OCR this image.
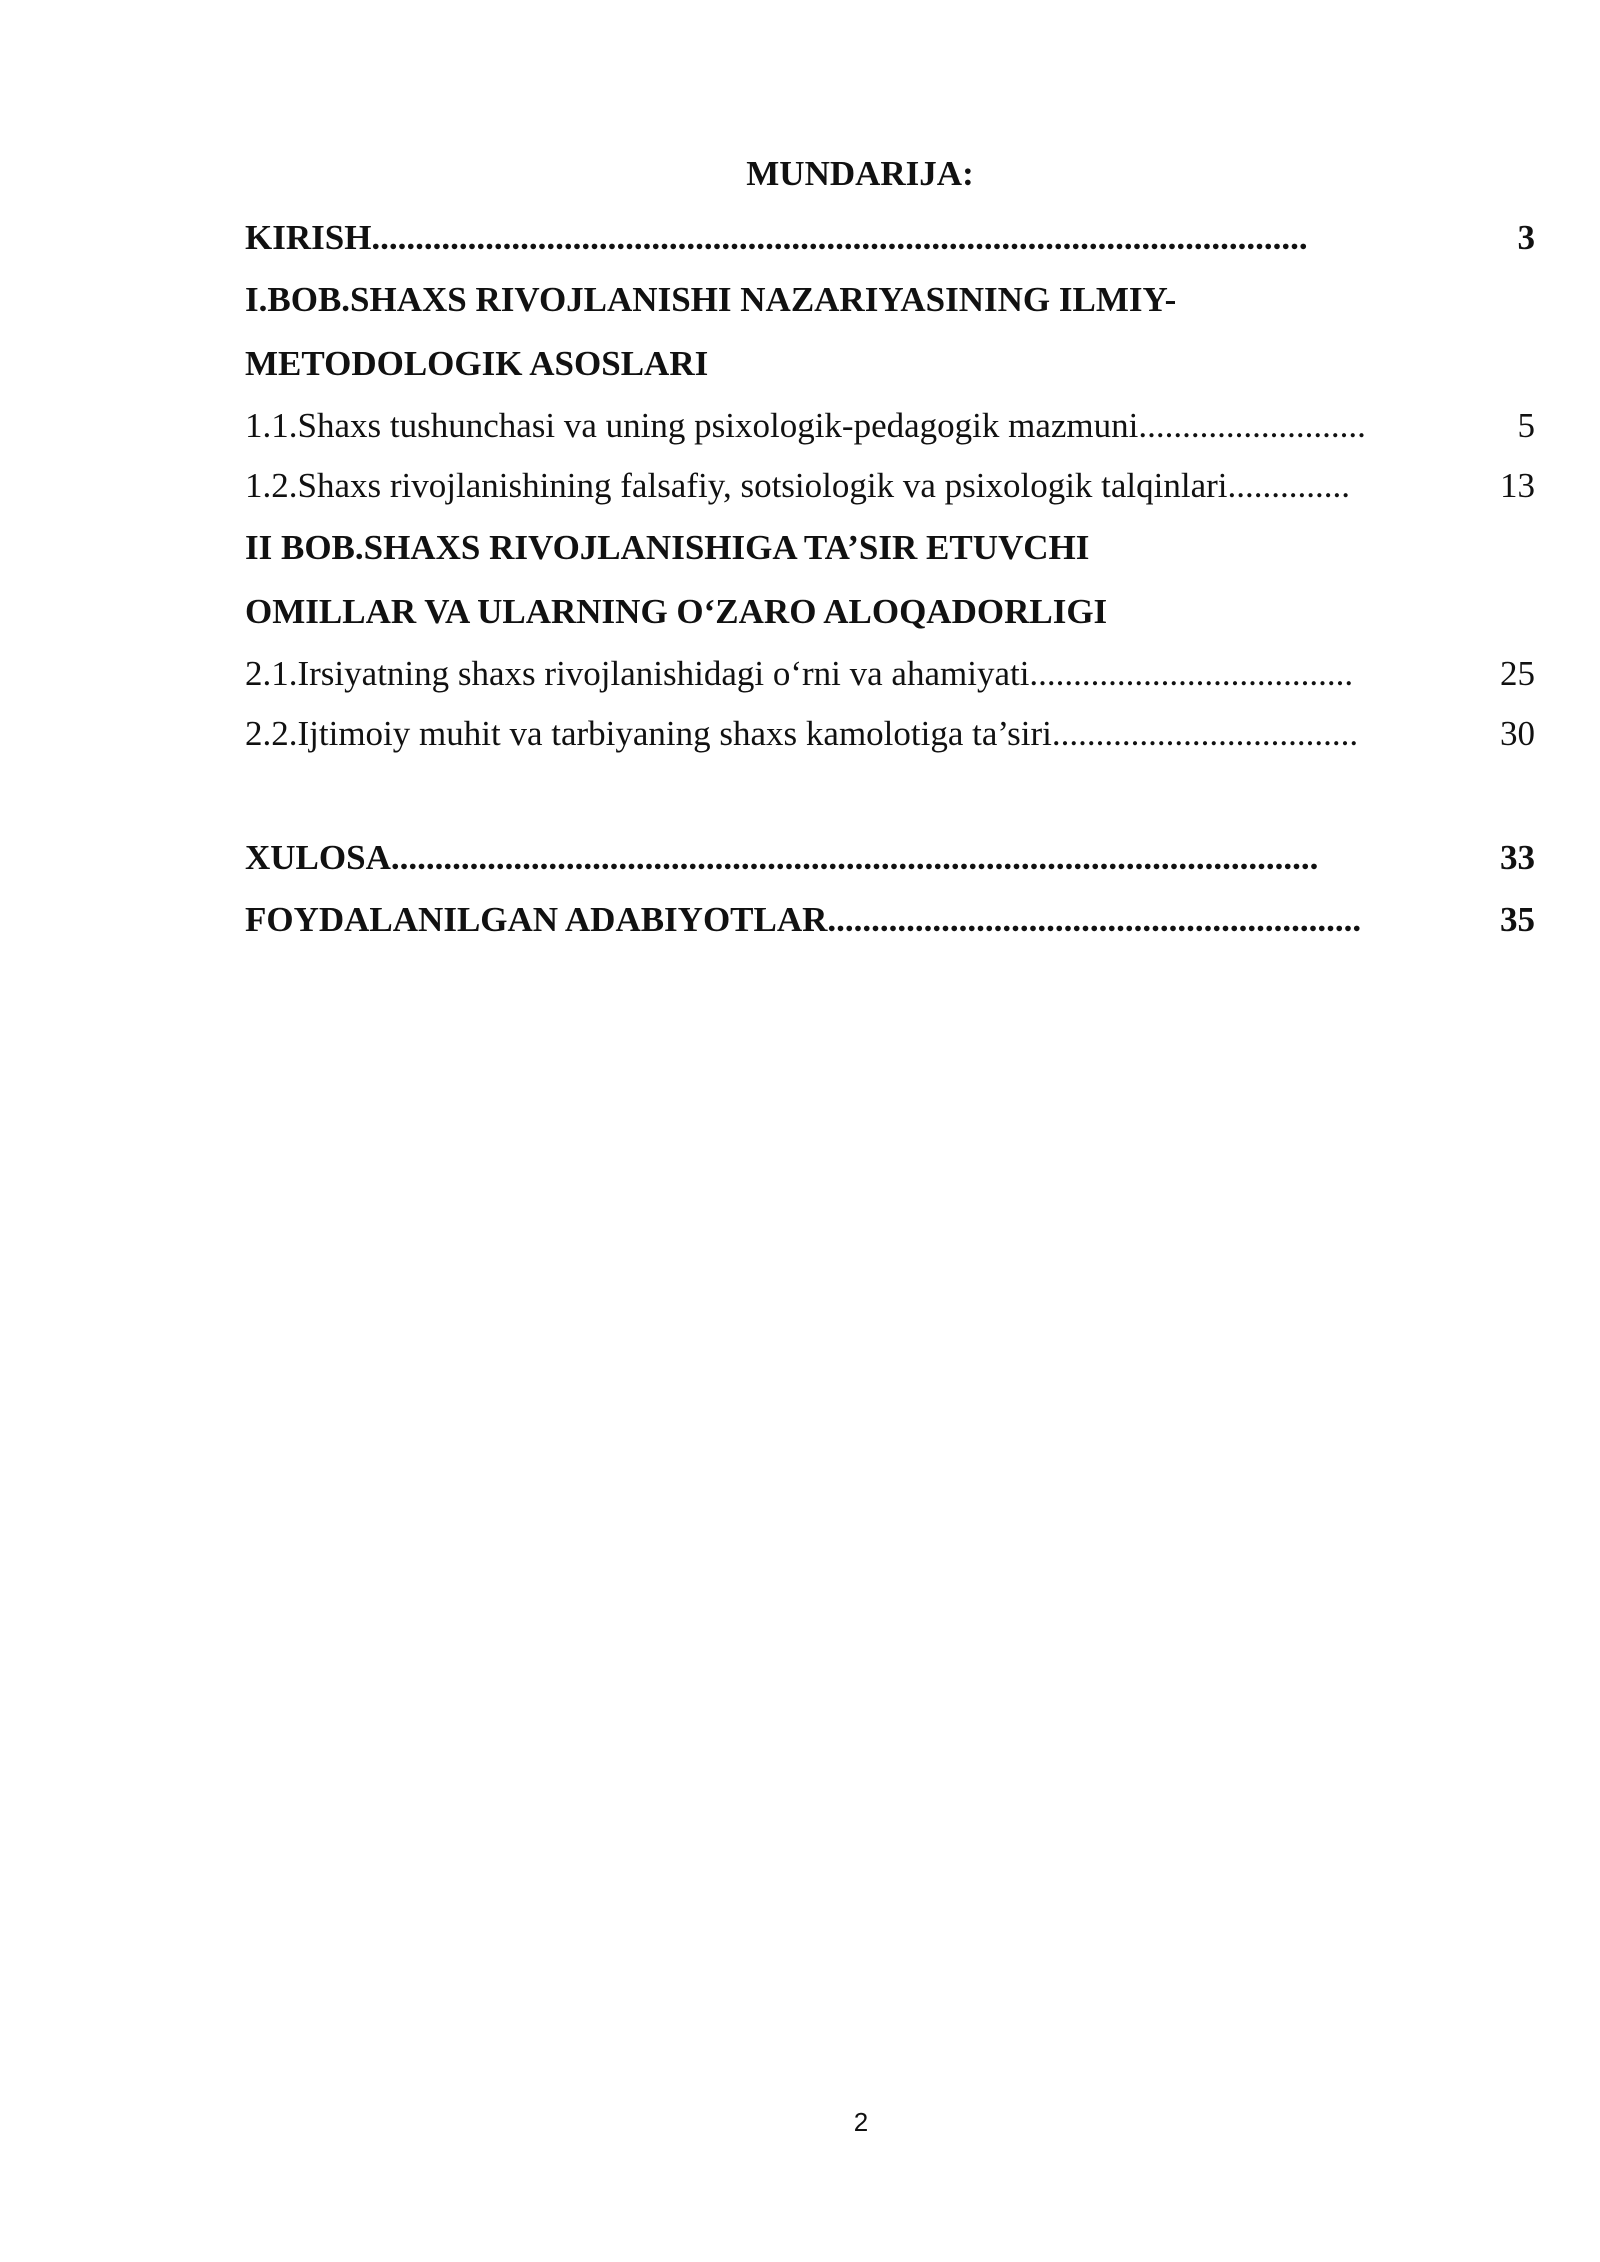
MUNDARIJA:
KIRISH...........................................................................................................	3
I.BOB.SHAXS RIVOJLANISHI NAZARIYASINING ILMIY-
METODOLOGIK ASOSLARI
1.1.Shaxs tushunchasi va uning psixologik-pedagogik mazmuni..........................	5
1.2.Shaxs rivojlanishining falsafiy, sotsiologik va psixologik talqinlari..............	13
II BOB.SHAXS RIVOJLANISHIGA TA’SIR ETUVCHI
OMILLAR VA ULARNING O‘ZARO ALOQADORLIGI
2.1.Irsiyatning shaxs rivojlanishidagi o‘rni va ahamiyati.....................................	25
2.2.Ijtimoiy muhit va tarbiyaning shaxs kamolotiga ta’siri...................................	30
XULOSA..........................................................................................................	33
FOYDALANILGAN ADABIYOTLAR.............................................................	35
2
